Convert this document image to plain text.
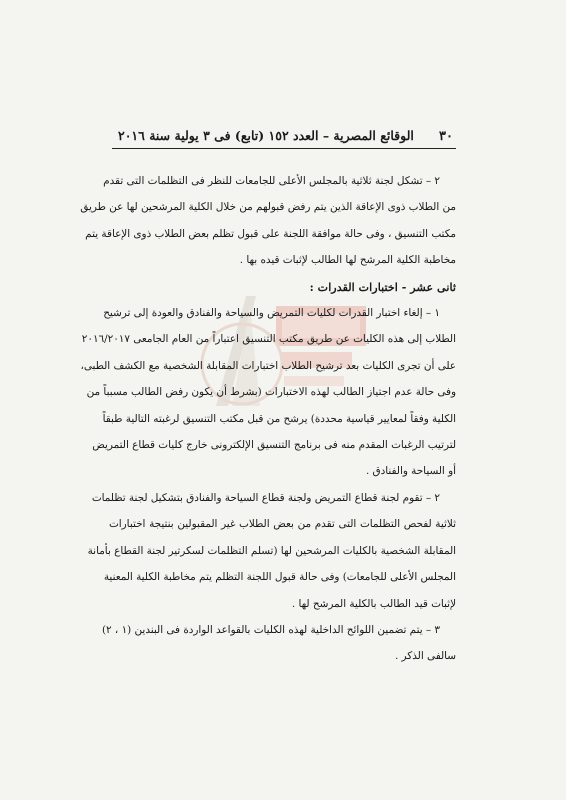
٣٠
الوقائع المصرية – العدد ١٥٢ (تابع) فى ٣ يولية سنة ٢٠١٦
٢ – تشكل لجنة ثلاثية بالمجلس الأعلى للجامعات للنظر فى التظلمات التى تقدم
من الطلاب ذوى الإعاقة الذين يتم رفض قبولهم من خلال الكلية المرشحين لها عن طريق
مكتب التنسيق ، وفى حالة موافقة اللجنة على قبول تظلم بعض الطلاب ذوى الإعاقة يتم
مخاطبة الكلية المرشح لها الطالب لإثبات قيده بها .
ثانى عشر - اختبارات القدرات :
١ – إلغاء اختبار القدرات لكليات التمريض والسياحة والفنادق والعودة إلى ترشيح
الطلاب إلى هذه الكليات عن طريق مكتب التنسيق اعتباراً من العام الجامعى ٢٠١٦/٢٠١٧
على أن تجرى الكليات بعد ترشيح الطلاب اختبارات المقابلة الشخصية مع الكشف الطبى،
وفى حالة عدم اجتياز الطالب لهذه الاختبارات (بشرط أن يكون رفض الطالب مسبباً من
الكلية وفقاً لمعايير قياسية محددة) يرشح من قبل مكتب التنسيق لرغبته التالية طبقاً
لترتيب الرغبات المقدم منه فى برنامج التنسيق الإلكترونى خارج كليات قطاع التمريض
أو السياحة والفنادق .
٢ – تقوم لجنة قطاع التمريض ولجنة قطاع السياحة والفنادق بتشكيل لجنة تظلمات
ثلاثية لفحص التظلمات التى تقدم من بعض الطلاب غير المقبولين بنتيجة اختبارات
المقابلة الشخصية بالكليات المرشحين لها (تسلم التظلمات لسكرتير لجنة القطاع بأمانة
المجلس الأعلى للجامعات) وفى حالة قبول اللجنة التظلم يتم مخاطبة الكلية المعنية
لإثبات قيد الطالب بالكلية المرشح لها .
٣ – يتم تضمين اللوائح الداخلية لهذه الكليات بالقواعد الواردة فى البندين (١ ، ٢)
سالفى الذكر .
